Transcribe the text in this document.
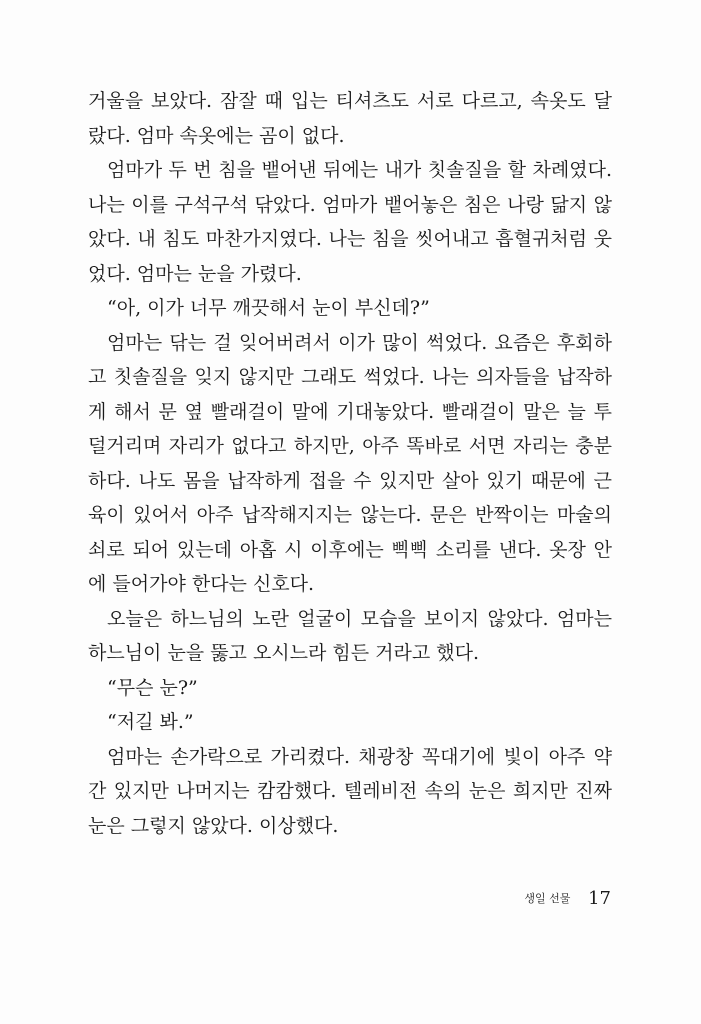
거울을 보았다. 잠잘 때 입는 티셔츠도 서로 다르고, 속옷도 달
랐다. 엄마 속옷에는 곰이 없다.
엄마가 두 번 침을 뱉어낸 뒤에는 내가 칫솔질을 할 차례였다.
나는 이를 구석구석 닦았다. 엄마가 뱉어놓은 침은 나랑 닮지 않
았다. 내 침도 마찬가지였다. 나는 침을 씻어내고 흡혈귀처럼 웃
었다. 엄마는 눈을 가렸다.
“아, 이가 너무 깨끗해서 눈이 부신데?”
엄마는 닦는 걸 잊어버려서 이가 많이 썩었다. 요즘은 후회하
고 칫솔질을 잊지 않지만 그래도 썩었다. 나는 의자들을 납작하
게 해서 문 옆 빨래걸이 말에 기대놓았다. 빨래걸이 말은 늘 투
덜거리며 자리가 없다고 하지만, 아주 똑바로 서면 자리는 충분
하다. 나도 몸을 납작하게 접을 수 있지만 살아 있기 때문에 근
육이 있어서 아주 납작해지지는 않는다. 문은 반짝이는 마술의
쇠로 되어 있는데 아홉 시 이후에는 삑삑 소리를 낸다. 옷장 안
에 들어가야 한다는 신호다.
오늘은 하느님의 노란 얼굴이 모습을 보이지 않았다. 엄마는
하느님이 눈을 뚫고 오시느라 힘든 거라고 했다.
“무슨 눈?”
“저길 봐.”
엄마는 손가락으로 가리켰다. 채광창 꼭대기에 빛이 아주 약
간 있지만 나머지는 캄캄했다. 텔레비전 속의 눈은 희지만 진짜
눈은 그렇지 않았다. 이상했다.
생일 선물 17
